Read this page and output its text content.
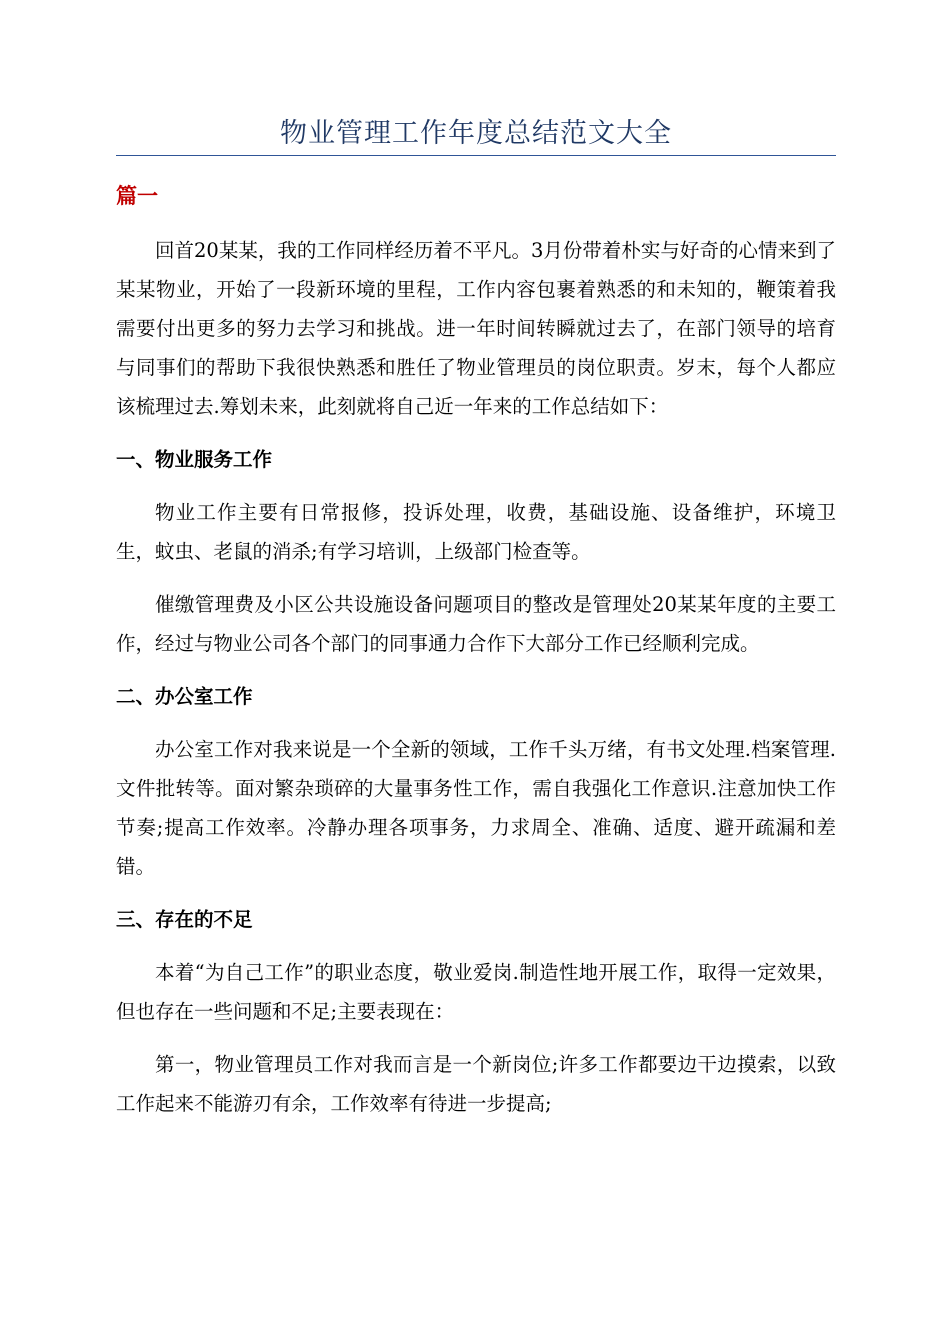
物业管理工作年度总结范文大全
篇一

回首20某某，我的工作同样经历着不平凡。3月份带着朴实与好奇的心情来到了某某物业，开始了一段新环境的里程，工作内容包裹着熟悉的和未知的，鞭策着我需要付出更多的努力去学习和挑战。进一年时间转瞬就过去了，在部门领导的培育与同事们的帮助下我很快熟悉和胜任了物业管理员的岗位职责。岁末，每个人都应该梳理过去.筹划未来，此刻就将自己近一年来的工作总结如下：

一、物业服务工作

物业工作主要有日常报修，投诉处理，收费，基础设施、设备维护，环境卫生，蚊虫、老鼠的消杀;有学习培训，上级部门检查等。

催缴管理费及小区公共设施设备问题项目的整改是管理处20某某年度的主要工作，经过与物业公司各个部门的同事通力合作下大部分工作已经顺利完成。

二、办公室工作

办公室工作对我来说是一个全新的领域，工作千头万绪，有书文处理.档案管理.文件批转等。面对繁杂琐碎的大量事务性工作，需自我强化工作意识.注意加快工作节奏;提高工作效率。冷静办理各项事务，力求周全、准确、适度、避开疏漏和差错。

三、存在的不足

本着“为自己工作”的职业态度，敬业爱岗.制造性地开展工作，取得一定效果，但也存在一些问题和不足;主要表现在：

第一，物业管理员工作对我而言是一个新岗位;许多工作都要边干边摸索，以致工作起来不能游刃有余，工作效率有待进一步提高;
